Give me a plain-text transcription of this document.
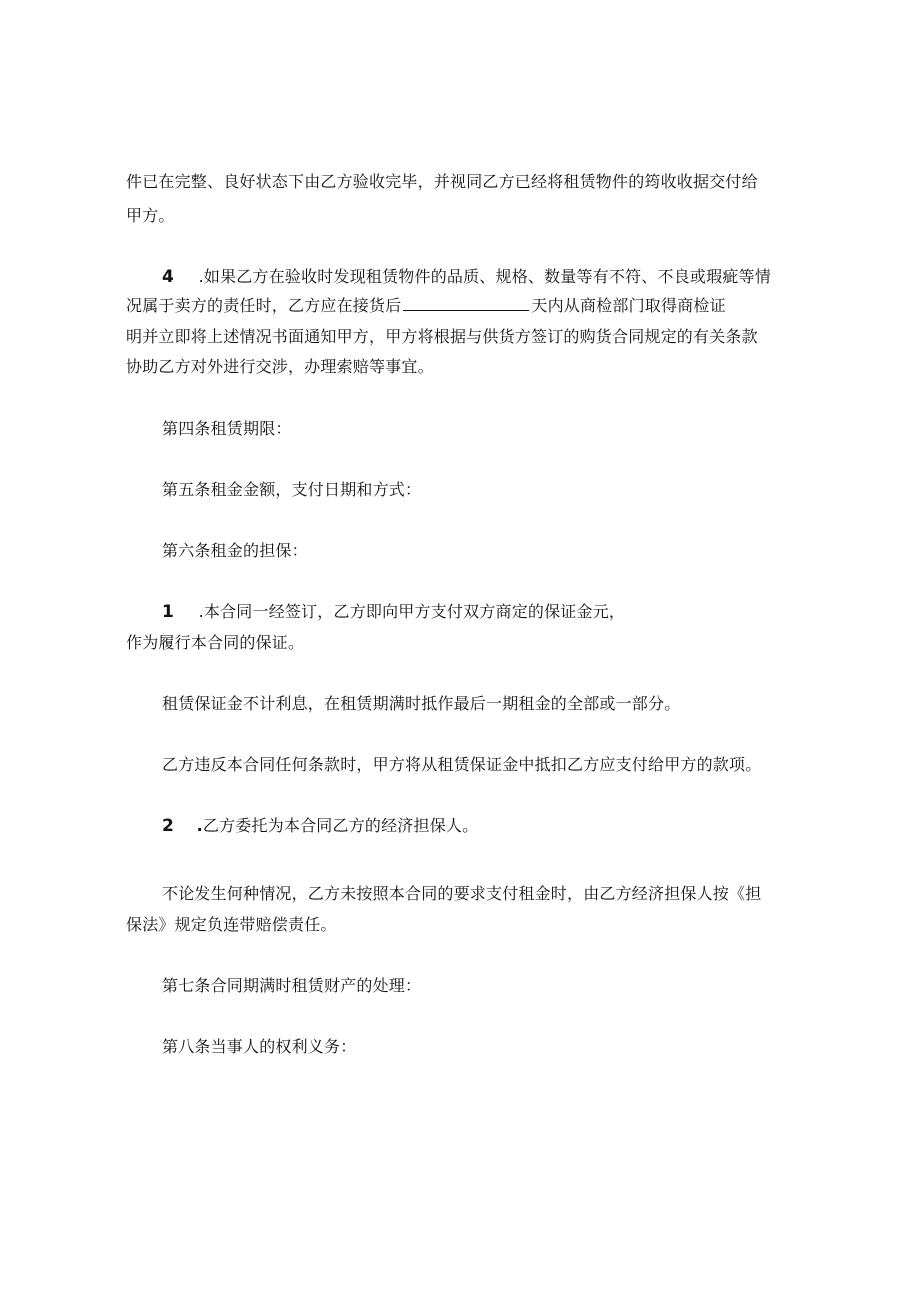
件已在完整、良好状态下由乙方验收完毕，并视同乙方已经将租赁物件的筠收收据交付给
甲方。
4 .如果乙方在验收时发现租赁物件的品质、规格、数量等有不符、不良或瑕疵等情
况属于卖方的责任时，乙方应在接货后	天内从商检部门取得商检证
明并立即将上述情况书面通知甲方，甲方将根据与供货方签订的购货合同规定的有关条款
协助乙方对外进行交涉，办理索赔等事宜。
第四条租赁期限：
第五条租金金额，支付日期和方式：
第六条租金的担保：
1 .本合同一经签订，乙方即向甲方支付双方商定的保证金元，
作为履行本合同的保证。
租赁保证金不计利息，在租赁期满时抵作最后一期租金的全部或一部分。
乙方违反本合同任何条款时，甲方将从租赁保证金中抵扣乙方应支付给甲方的款项。
2 .乙方委托为本合同乙方的经济担保人。
不论发生何种情况，乙方未按照本合同的要求支付租金时，由乙方经济担保人按《担
保法》规定负连带赔偿责任。
第七条合同期满时租赁财产的处理：
第八条当事人的权利义务：
